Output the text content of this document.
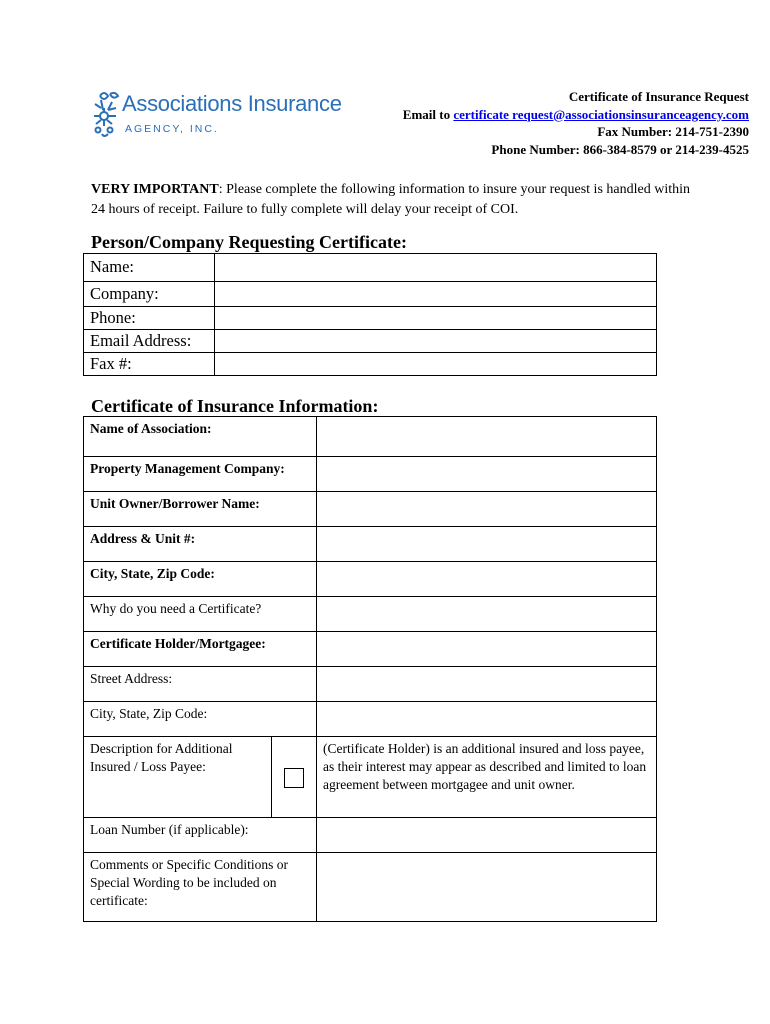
Associations Insurance
AGENCY, INC.
Certificate of Insurance Request
Email to certificate request@associationsinsuranceagency.com
Fax Number: 214-751-2390
Phone Number: 866-384-8579 or 214-239-4525
VERY IMPORTANT: Please complete the following information to insure your request is handled within 24 hours of receipt. Failure to fully complete will delay your receipt of COI.
Person/Company Requesting Certificate:
Name:	
Company:	
Phone:	
Email Address:	
Fax #:	
Certificate of Insurance Information:
Name of Association:		
Property Management Company:		
Unit Owner/Borrower Name:		
Address & Unit #:		
City, State, Zip Code:		
Why do you need a Certificate?		
Certificate Holder/Mortgagee:		
Street Address:		
City, State, Zip Code:		
Description for Additional Insured / Loss Payee:		(Certificate Holder) is an additional insured and loss payee, as their interest may appear as described and limited to loan agreement between mortgagee and unit owner.
Loan Number (if applicable):		
Comments or Specific Conditions or Special Wording to be included on certificate:		
